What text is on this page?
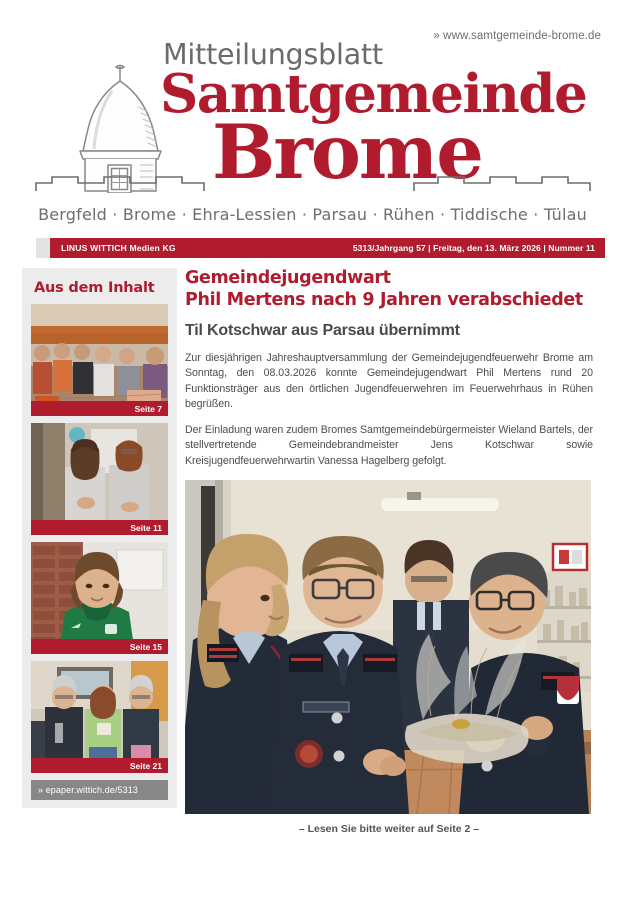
» www.samtgemeinde-brome.de
Mitteilungsblatt
Samtgemeinde
Brome
Bergfeld · Brome · Ehra-Lessien · Parsau · Rühen · Tiddische · Tülau
LINUS WITTICH Medien KG	5313/Jahrgang 57 | Freitag, den 13. März 2026 | Nummer 11
Aus dem Inhalt
Seite 7
Seite 11
Seite 15
Seite 21
» epaper.wittich.de/5313
Gemeindejugendwart
Phil Mertens nach 9 Jahren verabschiedet
Til Kotschwar aus Parsau übernimmt

Zur diesjährigen Jahreshauptversammlung der Gemeindejugendfeuerwehr Brome am Sonntag, den 08.03.2026 konnte Gemeindejugendwart Phil Mertens rund 20 Funktionsträger aus den örtlichen Jugendfeuerwehren im Feuerwehrhaus in Rühen begrüßen.

Der Einladung waren zudem Bromes Samtgemeindebürgermeister Wieland Bartels, der stellvertretende Gemeindebrandmeister Jens Kotschwar sowie Kreisjugendfeuerwehrwartin Vanessa Hagelberg gefolgt.

– Lesen Sie bitte weiter auf Seite 2 –
